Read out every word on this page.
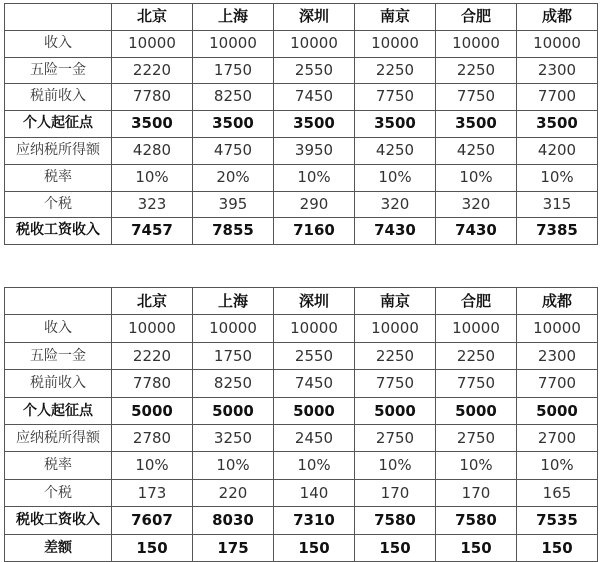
	北京	上海	深圳	南京	合肥	成都
收入	10000	10000	10000	10000	10000	10000
五险一金	2220	1750	2550	2250	2250	2300
税前收入	7780	8250	7450	7750	7750	7700
个人起征点	3500	3500	3500	3500	3500	3500
应纳税所得额	4280	4750	3950	4250	4250	4200
税率	10%	20%	10%	10%	10%	10%
个税	323	395	290	320	320	315
税收工资收入	7457	7855	7160	7430	7430	7385
	北京	上海	深圳	南京	合肥	成都
收入	10000	10000	10000	10000	10000	10000
五险一金	2220	1750	2550	2250	2250	2300
税前收入	7780	8250	7450	7750	7750	7700
个人起征点	5000	5000	5000	5000	5000	5000
应纳税所得额	2780	3250	2450	2750	2750	2700
税率	10%	10%	10%	10%	10%	10%
个税	173	220	140	170	170	165
税收工资收入	7607	8030	7310	7580	7580	7535
差额	150	175	150	150	150	150
